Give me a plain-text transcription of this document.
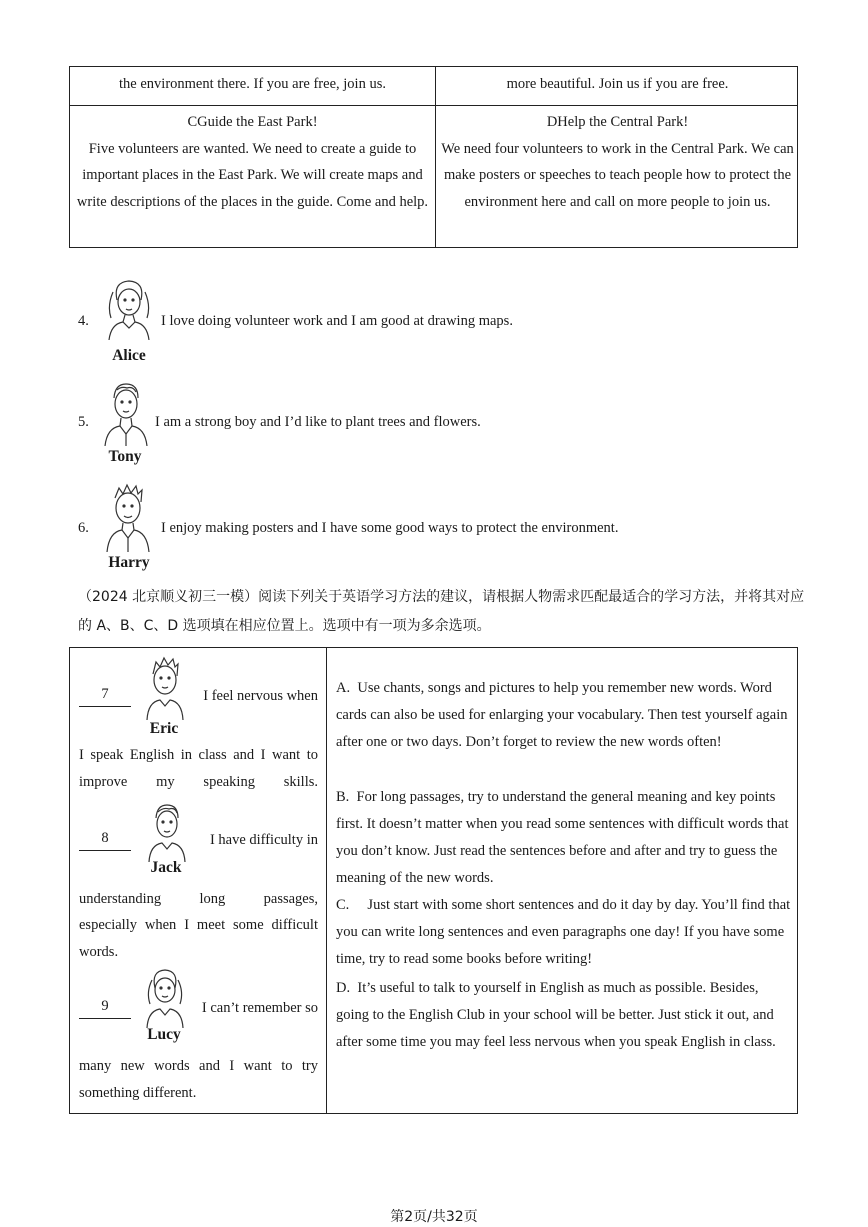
the environment there. If you are free, join us.	more beautiful. Join us if you are free.
CGuide the East Park!
Five volunteers are wanted. We need to create a guide to important places in the East Park. We will create maps and write descriptions of the places in the guide. Come and help.
DHelp the Central Park!
We need four volunteers to work in the Central Park. We can make posters or speeches to teach people how to protect the environment here and call on more people to join us.
4.
Alice
I love doing volunteer work and I am good at drawing maps.
5.
Tony
I am a strong boy and I’d like to plant trees and flowers.
6.
Harry
I enjoy making posters and I have some good ways to protect the environment.
（2024 北京顺义初三一模）阅读下列关于英语学习方法的建议，请根据人物需求匹配最适合的学习方法，并将其对应的 A、B、C、D 选项填在相应位置上。选项中有一项为多余选项。
7
Eric
I feel nervous when
I speak English in class and I want to improve my speaking skills.
8
Jack
I have difficulty in
understanding long passages,
especially when I meet some difficult words.
9
Lucy
I can’t remember so
many new words and I want to try something different.
A. Use chants, songs and pictures to help you remember new words. Word cards can also be used for enlarging your vocabulary. Then test yourself again after one or two days. Don’t forget to review the new words often!
B. For long passages, try to understand the general meaning and key points first. It doesn’t matter when you read some sentences with difficult words that you don’t know. Just read the sentences before and after and try to guess the meaning of the new words.
C. Just start with some short sentences and do it day by day. You’ll find that you can write long sentences and even paragraphs one day! If you have some time, try to read some books before writing!
D. It’s useful to talk to yourself in English as much as possible. Besides, going to the English Club in your school will be better. Just stick it out, and after some time you may feel less nervous when you speak English in class.
第2页/共32页
